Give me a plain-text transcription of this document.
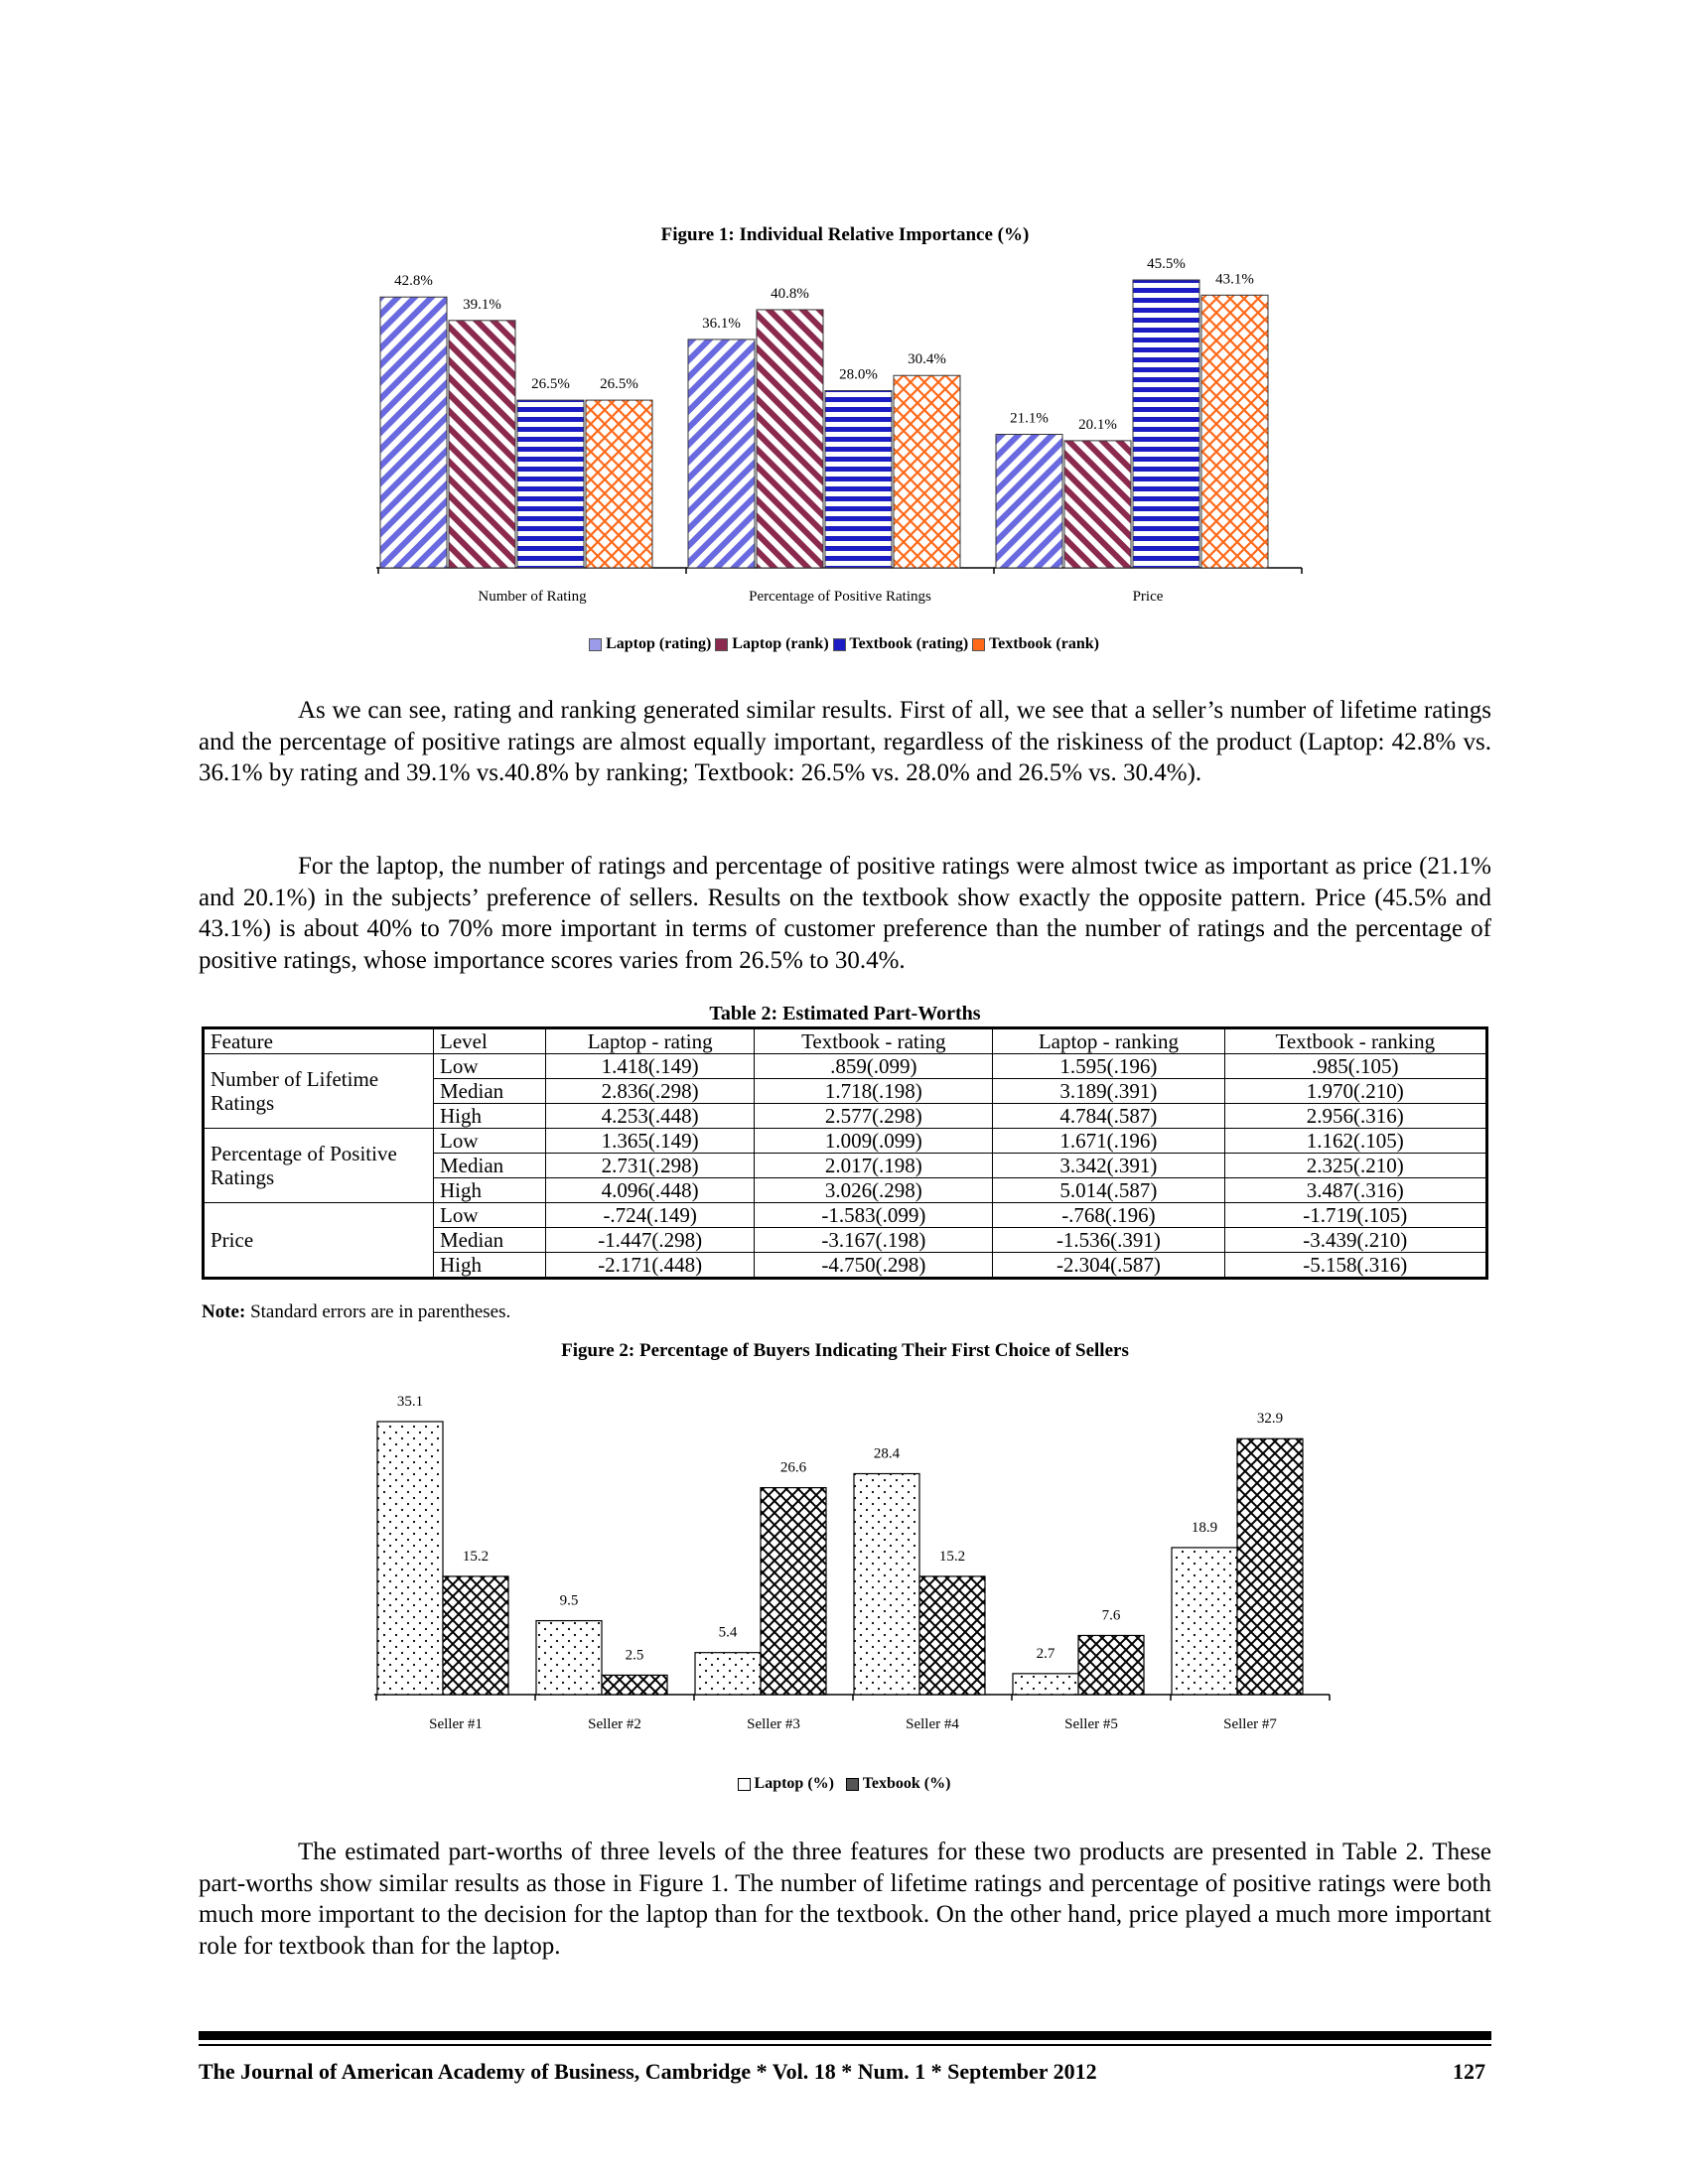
Figure 1: Individual Relative Importance (%)
42.8%
39.1%
26.5% 26.5%
Number of Rating
36.1%
40.8%
28.0%
30.4%
Percentage of Positive Ratings
21.1% 20.1%
45.5%
43.1%
Price
Laptop (rating) Laptop (rank) Textbook (rating) Textbook (rank)

As we can see, rating and ranking generated similar results. First of all, we see that a seller’s number of lifetime ratings and the percentage of positive ratings are almost equally important, regardless of the riskiness of the product (Laptop: 42.8% vs. 36.1% by rating and 39.1% vs.40.8% by ranking; Textbook: 26.5% vs. 28.0% and 26.5% vs. 30.4%).

For the laptop, the number of ratings and percentage of positive ratings were almost twice as important as price (21.1% and 20.1%) in the subjects’ preference of sellers. Results on the textbook show exactly the opposite pattern. Price (45.5% and 43.1%) is about 40% to 70% more important in terms of customer preference than the number of ratings and the percentage of positive ratings, whose importance scores varies from 26.5% to 30.4%.

Table 2: Estimated Part-Worths
Feature	Level	Laptop - rating	Textbook - rating	Laptop - ranking	Textbook - ranking
Number of Lifetime Ratings	Low	1.418(.149)	.859(.099)	1.595(.196)	.985(.105)
	Median	2.836(.298)	1.718(.198)	3.189(.391)	1.970(.210)
	High	4.253(.448)	2.577(.298)	4.784(.587)	2.956(.316)
Percentage of Positive Ratings	Low	1.365(.149)	1.009(.099)	1.671(.196)	1.162(.105)
	Median	2.731(.298)	2.017(.198)	3.342(.391)	2.325(.210)
	High	4.096(.448)	3.026(.298)	5.014(.587)	3.487(.316)
Price	Low	-.724(.149)	-1.583(.099)	-.768(.196)	-1.719(.105)
	Median	-1.447(.298)	-3.167(.198)	-1.536(.391)	-3.439(.210)
	High	-2.171(.448)	-4.750(.298)	-2.304(.587)	-5.158(.316)
Note: Standard errors are in parentheses.
Figure 2: Percentage of Buyers Indicating Their First Choice of Sellers
35.1
15.2
Seller #1
9.5
2.5
Seller #2
5.4
26.6
Seller #3
28.4
15.2
Seller #4
2.7
7.6
Seller #5
18.9
32.9
Seller #7
Laptop (%) Texbook (%)

The estimated part-worths of three levels of the three features for these two products are presented in Table 2. These part-worths show similar results as those in Figure 1. The number of lifetime ratings and percentage of positive ratings were both much more important to the decision for the laptop than for the textbook. On the other hand, price played a much more important role for textbook than for the laptop.

The Journal of American Academy of Business, Cambridge * Vol. 18 * Num. 1 * September 2012	127
